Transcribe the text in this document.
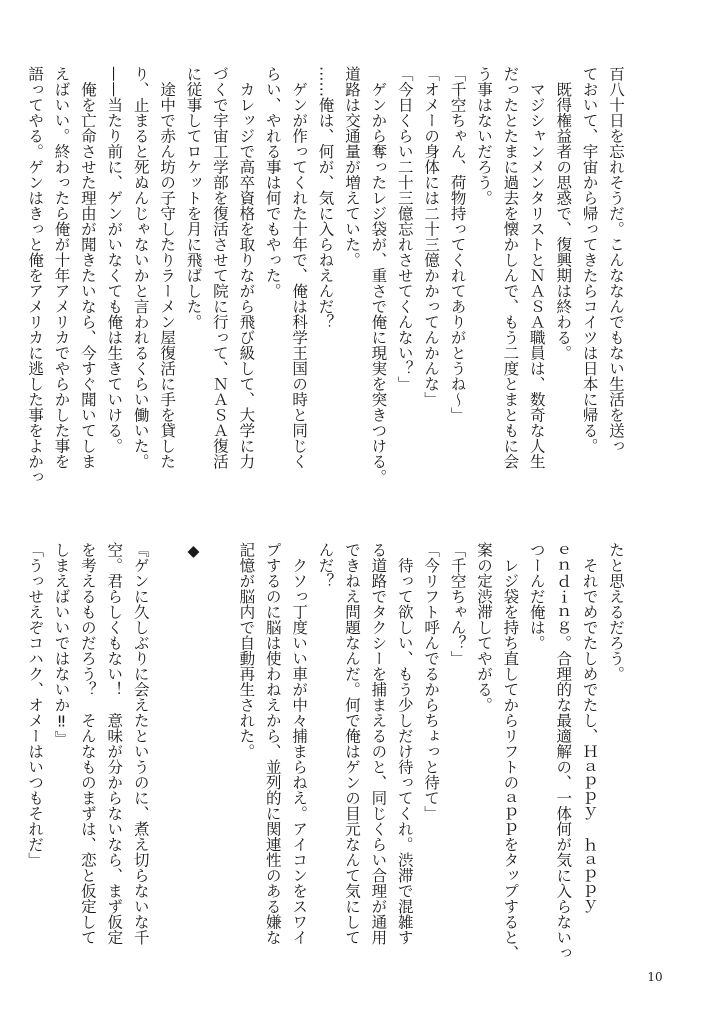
百八十日を忘れそうだ。こんななんでもない生活を送っ
ておいて、宇宙から帰ってきたらコイツは日本に帰る。
　既得権益者の思惑で、復興期は終わる。
　マジシャンメンタリストとＮＡＳＡ職員は、数奇な人生
だったとたまに過去を懐かしんで、もう二度とまともに会
う事はないだろう。
「千空ちゃん、荷物持ってくれてありがとうね〜」
「オメーの身体には二十三億かかってんかんな」
「今日くらい二十三億忘れさせてくんない？」
　ゲンから奪ったレジ袋が、重さで俺に現実を突きつける。
道路は交通量が増えていた。
……俺は、何が、気に入らねえんだ？
　ゲンが作ってくれた十年で、俺は科学王国の時と同じく
らい、やれる事は何でもやった。
　カレッジで高卒資格を取りながら飛び級して、大学に力
づくで宇宙工学部を復活させて院に行って、ＮＡＳＡ復活
に従事してロケットを月に飛ばした。
　途中で赤ん坊の子守したりラーメン屋復活に手を貸した
り、止まると死ぬんじゃないかと言われるくらい働いた。
——当たり前に、ゲンがいなくても俺は生きていける。
　俺を亡命させた理由が聞きたいなら、今すぐ聞いてしま
えばいい。終わったら俺が十年アメリカでやらかした事を
語ってやる。ゲンはきっと俺をアメリカに逃した事をよかっ
たと思えるだろう。
　それでめでたしめでたし、Ｈａｐｐｙ　ｈａｐｐｙ
ｅｎｄｉｎｇ。合理的な最適解の、一体何が気に入らないっ
つーんだ俺は。
　レジ袋を持ち直してからリフトのａｐｐをタップすると、
案の定渋滞してやがる。
「千空ちゃん？」
「今リフト呼んでるからちょっと待て」
　待って欲しい、もう少しだけ待ってくれ。渋滞で混雑す
る道路でタクシーを捕まえるのと、同じくらい合理が通用
できねえ問題なんだ。何で俺はゲンの目元なんて気にして
んだ？
　クソっ丁度いい車が中々捕まらねえ。アイコンをスワイ
プするのに脳は使わねえから、並列的に関連性のある嫌な
記憶が脳内で自動再生された。
◆
『ゲンに久しぶりに会えたというのに、煮え切らないな千
空。君らしくもない！　意味が分からないなら、まず仮定
を考えるものだろう？　そんなものまずは、恋と仮定して
しまえばいいではないか‼』
「うっせえぞコハク、オメーはいつもそれだ」
10
